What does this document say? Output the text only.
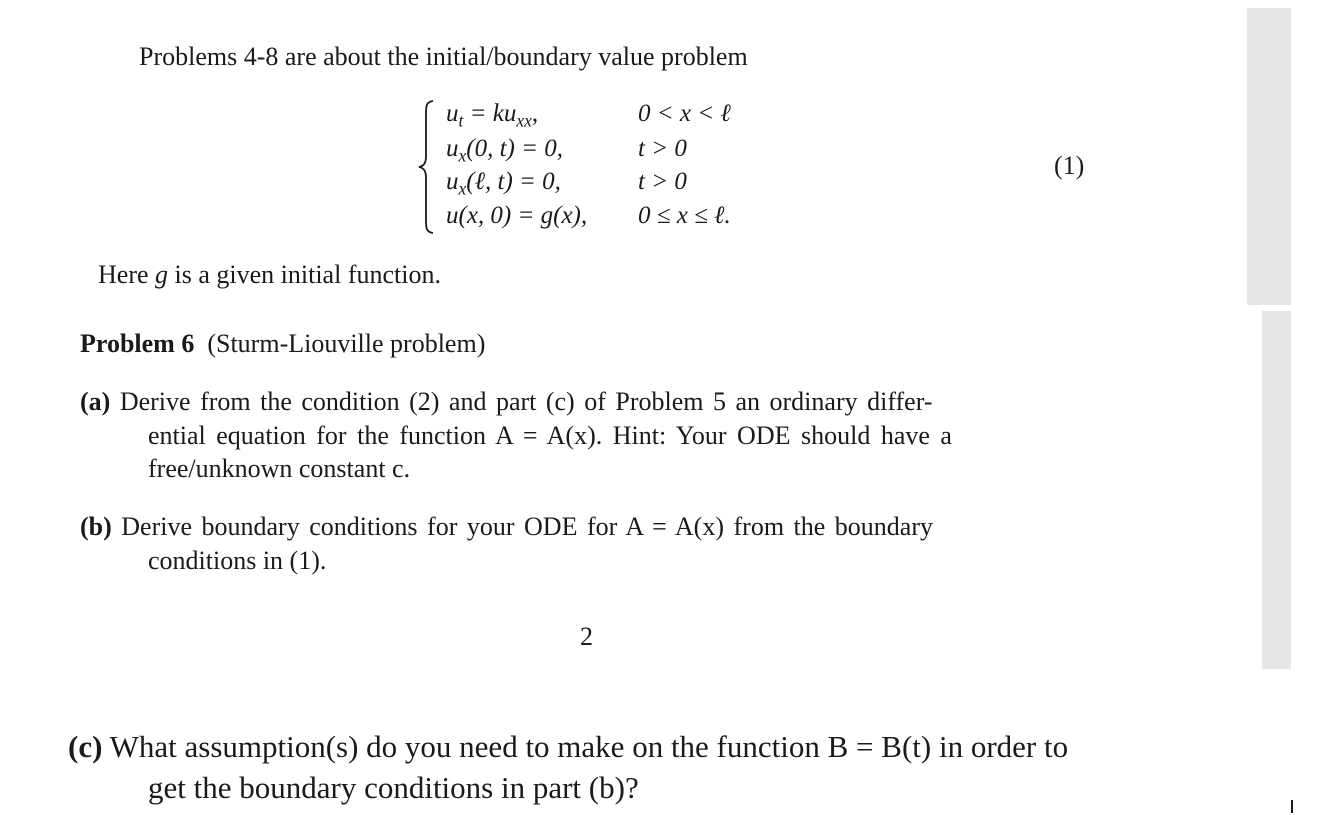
Problems 4-8 are about the initial/boundary value problem
$u_t = ku_{xx}$,
$u_x(0$, t) = 0,
$u_x(\ell$, t) = 0,
u(x, 0) = g(x),
0 < x < ℓ
t > 0
t > 0
0 ≤ x ≤ ℓ.
(1)
Here g is a given initial function.
Problem 6 (Sturm-Liouville problem)
(a) Derive from the condition (2) and part (c) of Problem 5 an ordinary differ-
ential equation for the function A = A(x). Hint: Your ODE should have a
free/unknown constant c.
(b) Derive boundary conditions for your ODE for A = A(x) from the boundary
conditions in (1).
2
(c) What assumption(s) do you need to make on the function B = B(t) in order to
get the boundary conditions in part (b)?
